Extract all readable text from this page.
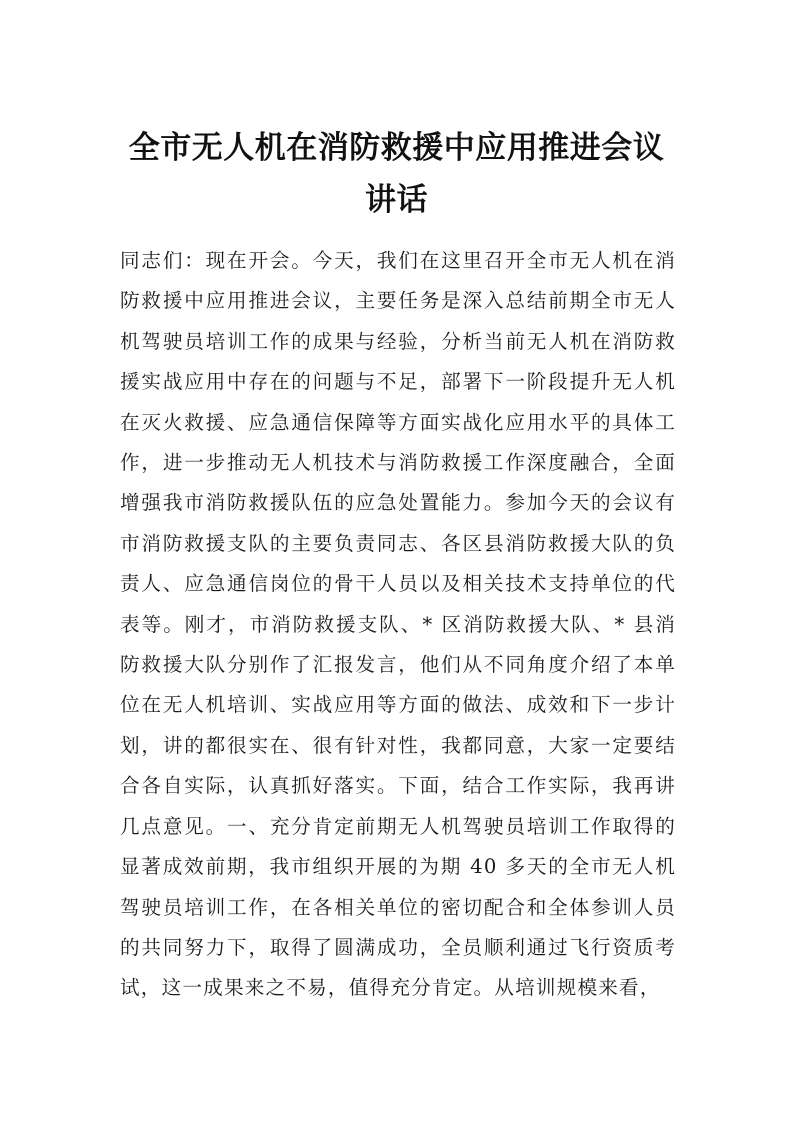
全市无人机在消防救援中应用推进会议讲话

同志们：现在开会。今天，我们在这里召开全市无人机在消防救援中应用推进会议，主要任务是深入总结前期全市无人机驾驶员培训工作的成果与经验，分析当前无人机在消防救援实战应用中存在的问题与不足，部署下一阶段提升无人机在灭火救援、应急通信保障等方面实战化应用水平的具体工作，进一步推动无人机技术与消防救援工作深度融合，全面增强我市消防救援队伍的应急处置能力。参加今天的会议有市消防救援支队的主要负责同志、各区县消防救援大队的负责人、应急通信岗位的骨干人员以及相关技术支持单位的代表等。刚才，市消防救援支队、* 区消防救援大队、* 县消防救援大队分别作了汇报发言，他们从不同角度介绍了本单位在无人机培训、实战应用等方面的做法、成效和下一步计划，讲的都很实在、很有针对性，我都同意，大家一定要结合各自实际，认真抓好落实。下面，结合工作实际，我再讲几点意见。一、充分肯定前期无人机驾驶员培训工作取得的显著成效前期，我市组织开展的为期 40 多天的全市无人机驾驶员培训工作，在各相关单位的密切配合和全体参训人员的共同努力下，取得了圆满成功，全员顺利通过飞行资质考试，这一成果来之不易，值得充分肯定。从培训规模来看，
